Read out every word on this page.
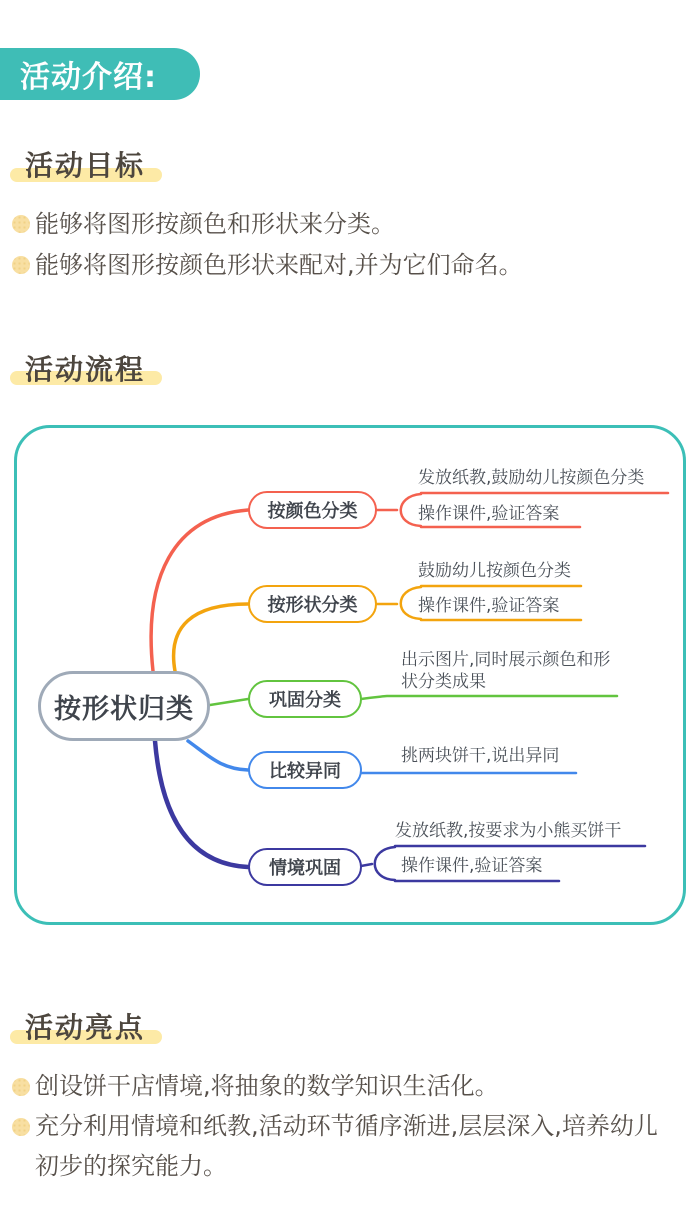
活动介绍:
活动目标
能够将图形按颜色和形状来分类。
能够将图形按颜色形状来配对,并为它们命名。
活动流程
按形状归类
按颜色分类
按形状分类
巩固分类
比较异同
情境巩固
发放纸教,鼓励幼儿按颜色分类
操作课件,验证答案
鼓励幼儿按颜色分类
操作课件,验证答案
出示图片,同时展示颜色和形状分类成果
挑两块饼干,说出异同
发放纸教,按要求为小熊买饼干
操作课件,验证答案
活动亮点
创设饼干店情境,将抽象的数学知识生活化。
充分利用情境和纸教,活动环节循序渐进,层层深入,培养幼儿初步的探究能力。
